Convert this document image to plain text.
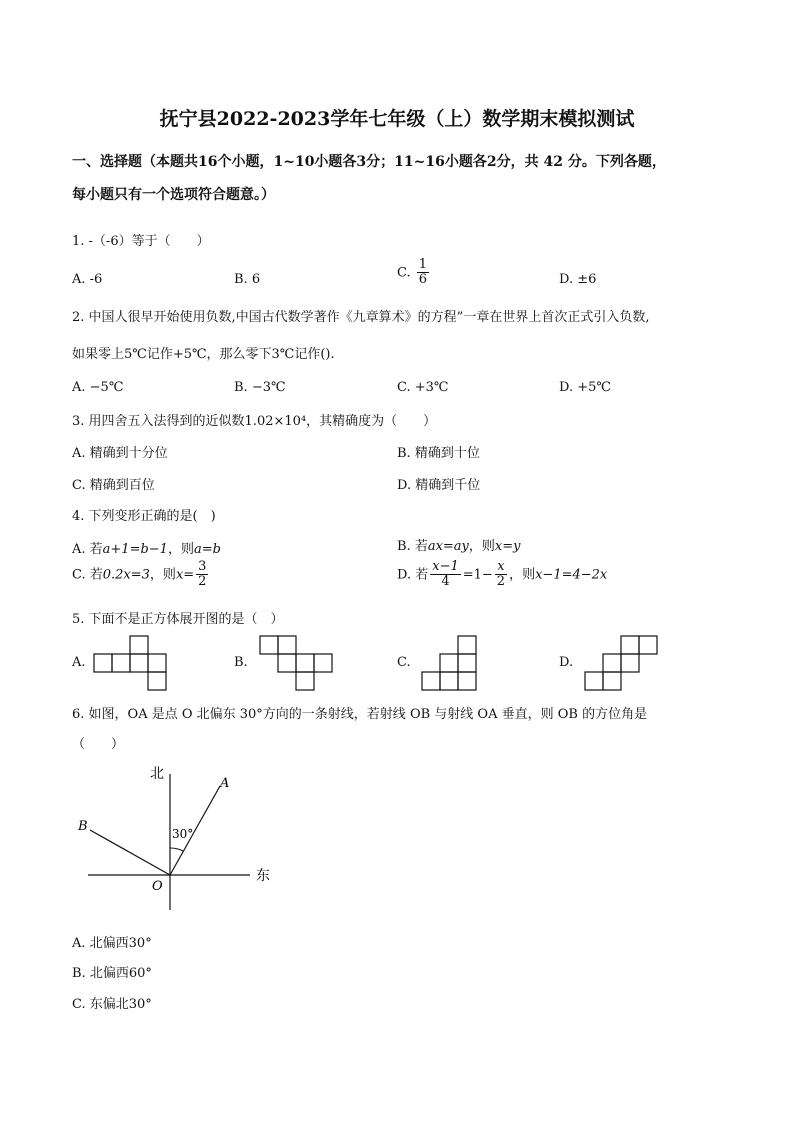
抚宁县2022-2023学年七年级（上）数学期末模拟测试
一、选择题（本题共16个小题，1~10小题各3分；11~16小题各2分，共 42 分。下列各题，
每小题只有一个选项符合题意。）
1. -（-6）等于（　　）
A. -6	B. 6	C. $\frac{1}{6}$	D. ±6
2. 中国人很早开始使用负数,中国古代数学著作《九章算术》的方程”一章在世界上首次正式引入负数,
如果零上5℃记作+5℃，那么零下3℃记作().
A. −5℃	B. −3℃	C. +3℃	D. +5℃
3. 用四舍五入法得到的近似数1.02×10⁴，其精确度为（　　）
A. 精确到十分位	B. 精确到十位
C. 精确到百位	D. 精确到千位
4. 下列变形正确的是(　)
A. 若a+1=b−1，则a=b	B. 若ax=ay，则x=y
C. 若0.2x=3，则$x= \frac{3}{2}$	D. 若 $\frac{x-1}{4} =1- \frac{x}{2}$ ，则x−1=4−2x
5. 下面不是正方体展开图的是（　）
A.	B.	C.	D.
6. 如图，OA 是点 O 北偏东 30°方向的一条射线，若射线 OB 与射线 OA 垂直，则 OB 的方位角是
（　　）
北
东
A
B
O
30°
A. 北偏西30°
B. 北偏西60°
C. 东偏北30°
